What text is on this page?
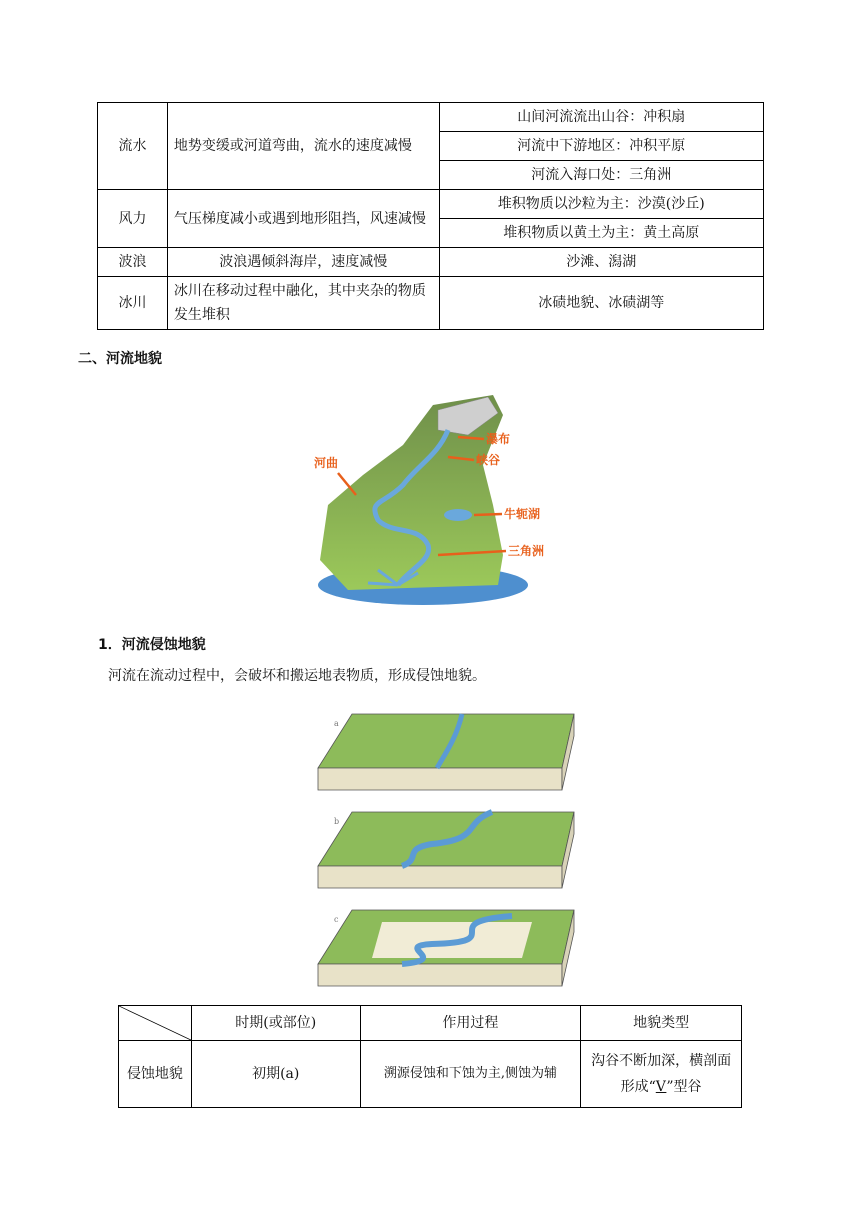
流水	地势变缓或河道弯曲，流水的速度减慢	山间河流流出山谷：冲积扇
		河流中下游地区：冲积平原
		河流入海口处：三角洲
风力	气压梯度减小或遇到地形阻挡，风速减慢	堆积物质以沙粒为主：沙漠(沙丘)
		堆积物质以黄土为主：黄土高原
波浪	波浪遇倾斜海岸，速度减慢	沙滩、潟湖
冰川	冰川在移动过程中融化，其中夹杂的物质发生堆积	冰碛地貌、冰碛湖等
二、河流地貌
瀑布
河曲	峡谷
牛轭湖
三角洲
1．河流侵蚀地貌
河流在流动过程中，会破坏和搬运地表物质，形成侵蚀地貌。
a
b
c
	时期(或部位)	作用过程	地貌类型
侵蚀地貌	初期(a)	溯源侵蚀和下蚀为主,侧蚀为辅	沟谷不断加深，横剖面形成“V”型谷
